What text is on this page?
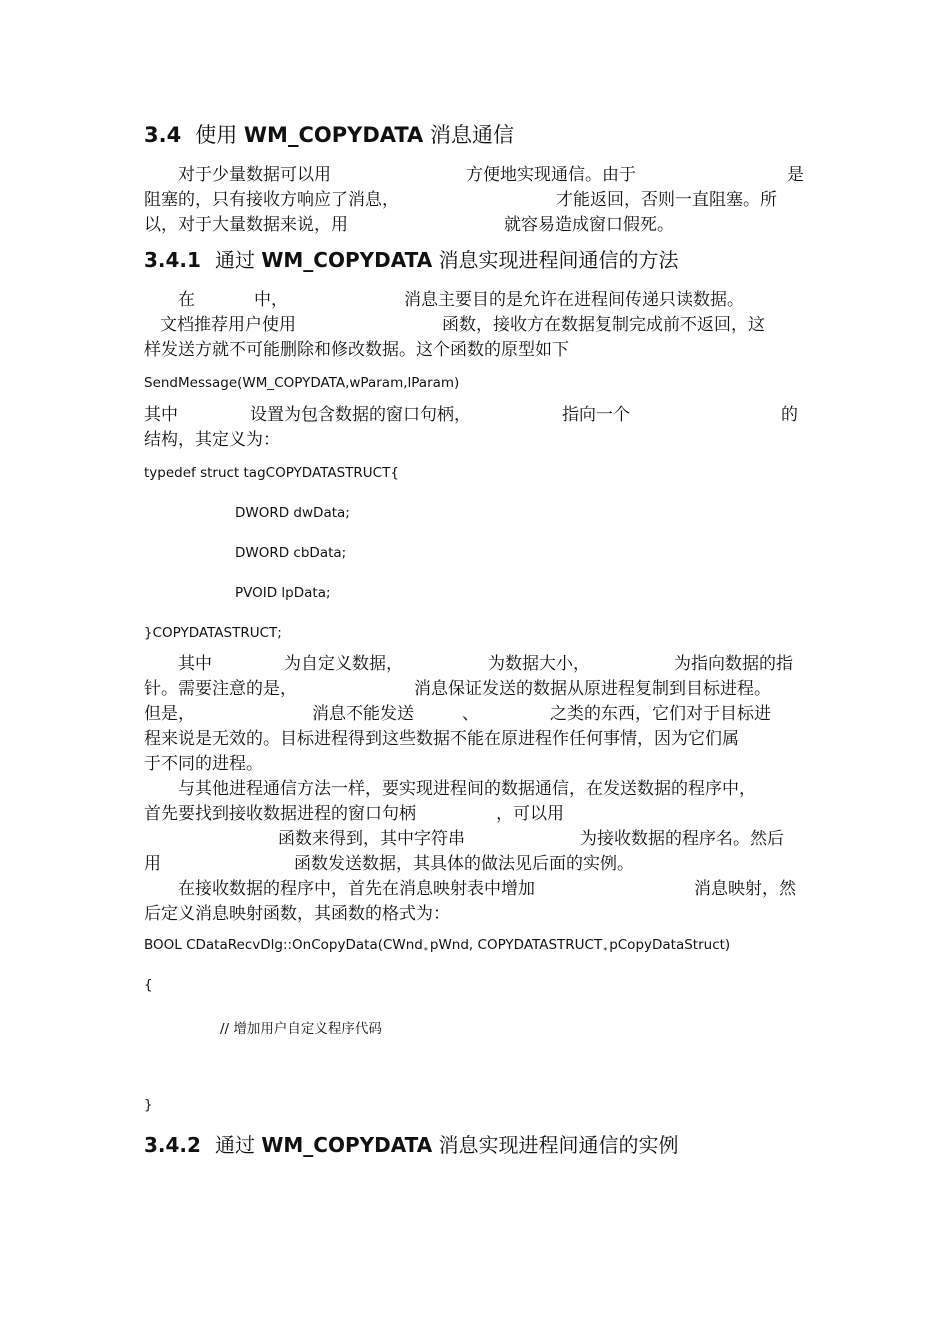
3.4 使用 WM_COPYDATA 消息通信
对于少量数据可以用	方便地实现通信。由于	是
阻塞的，只有接收方响应了消息，	才能返回，否则一直阻塞。所
以，对于大量数据来说，用	就容易造成窗口假死。
3.4.1 通过 WM_COPYDATA 消息实现进程间通信的方法
在	中，	消息主要目的是允许在进程间传递只读数据。
文档推荐用户使用	函数，接收方在数据复制完成前不返回，这
样发送方就不可能删除和修改数据。这个函数的原型如下
SendMessage(WM_COPYDATA,wParam,lParam)
其中	设置为包含数据的窗口句柄，	指向一个	的
结构，其定义为：
typedef struct tagCOPYDATASTRUCT{
DWORD dwData;
DWORD cbData;
PVOID lpData;
}COPYDATASTRUCT;
其中	为自定义数据，	为数据大小，	为指向数据的指
针。需要注意的是，	消息保证发送的数据从原进程复制到目标进程。
但是，	消息不能发送	、	之类的东西，它们对于目标进
程来说是无效的。目标进程得到这些数据不能在原进程作任何事情，因为它们属
于不同的进程。
与其他进程通信方法一样，要实现进程间的数据通信，在发送数据的程序中，
首先要找到接收数据进程的窗口句柄	，可以用
函数来得到，其中字符串	为接收数据的程序名。然后
用	函数发送数据，其具体的做法见后面的实例。
在接收数据的程序中，首先在消息映射表中增加	消息映射，然
后定义消息映射函数，其函数的格式为：
BOOL CDataRecvDlg::OnCopyData(CWnd$_*$ pWnd, $COPYDATASTRUCT_*$ pCopyDataStruct)
{
// 增加用户自定义程序代码
}
3.4.2 通过 WM_COPYDATA 消息实现进程间通信的实例
